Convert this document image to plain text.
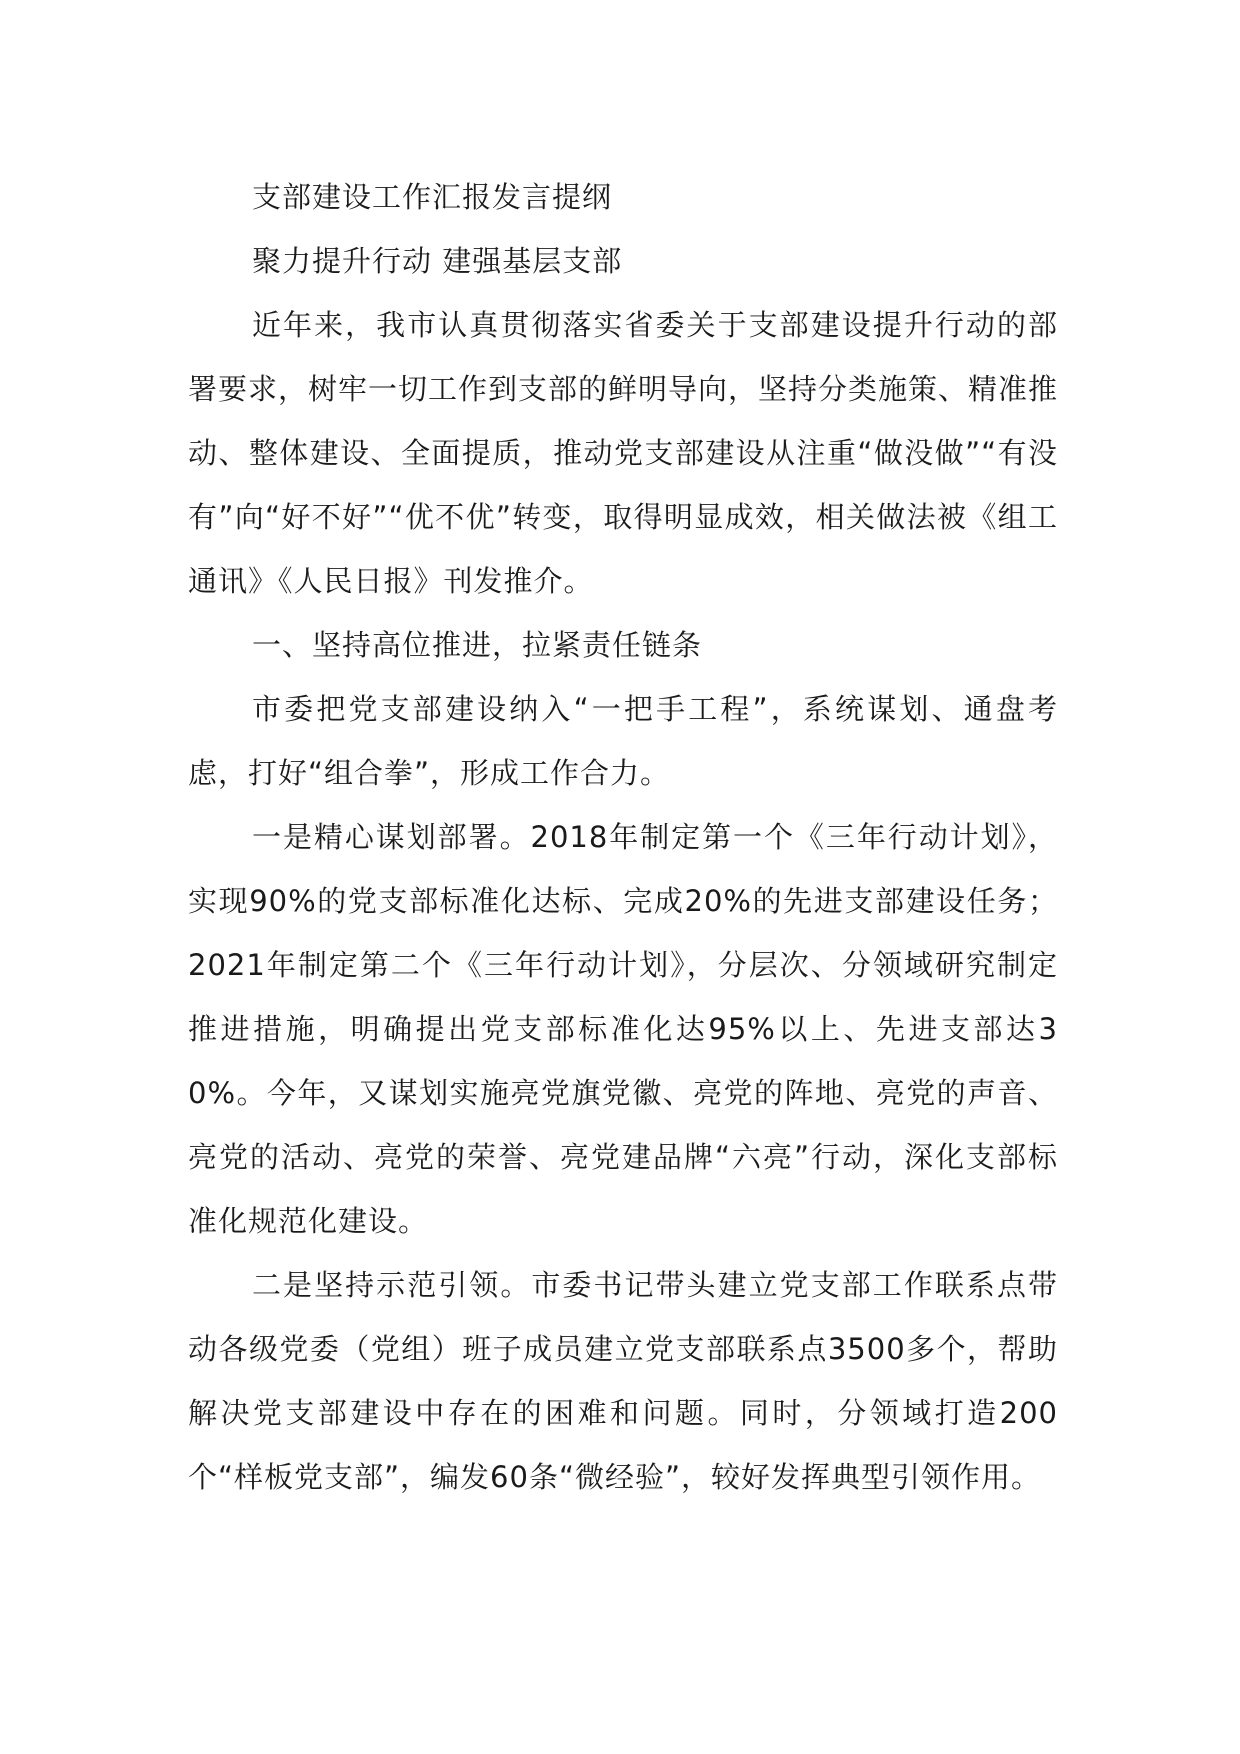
支部建设工作汇报发言提纲

聚力提升行动 建强基层支部

近年来，我市认真贯彻落实省委关于支部建设提升行动的部署要求，树牢一切工作到支部的鲜明导向，坚持分类施策、精准推动、整体建设、全面提质，推动党支部建设从注重“做没做”“有没有”向“好不好”“优不优”转变，取得明显成效，相关做法被《组工通讯》《人民日报》刊发推介。

一、坚持高位推进，拉紧责任链条

市委把党支部建设纳入“一把手工程”，系统谋划、通盘考虑，打好“组合拳”，形成工作合力。

一是精心谋划部署。2018年制定第一个《三年行动计划》，实现90%的党支部标准化达标、完成20%的先进支部建设任务；2021年制定第二个《三年行动计划》，分层次、分领域研究制定推进措施，明确提出党支部标准化达95%以上、先进支部达30%。今年，又谋划实施亮党旗党徽、亮党的阵地、亮党的声音、亮党的活动、亮党的荣誉、亮党建品牌“六亮”行动，深化支部标准化规范化建设。

二是坚持示范引领。市委书记带头建立党支部工作联系点带动各级党委（党组）班子成员建立党支部联系点3500多个，帮助解决党支部建设中存在的困难和问题。同时，分领域打造200个“样板党支部”，编发60条“微经验”，较好发挥典型引领作用。
